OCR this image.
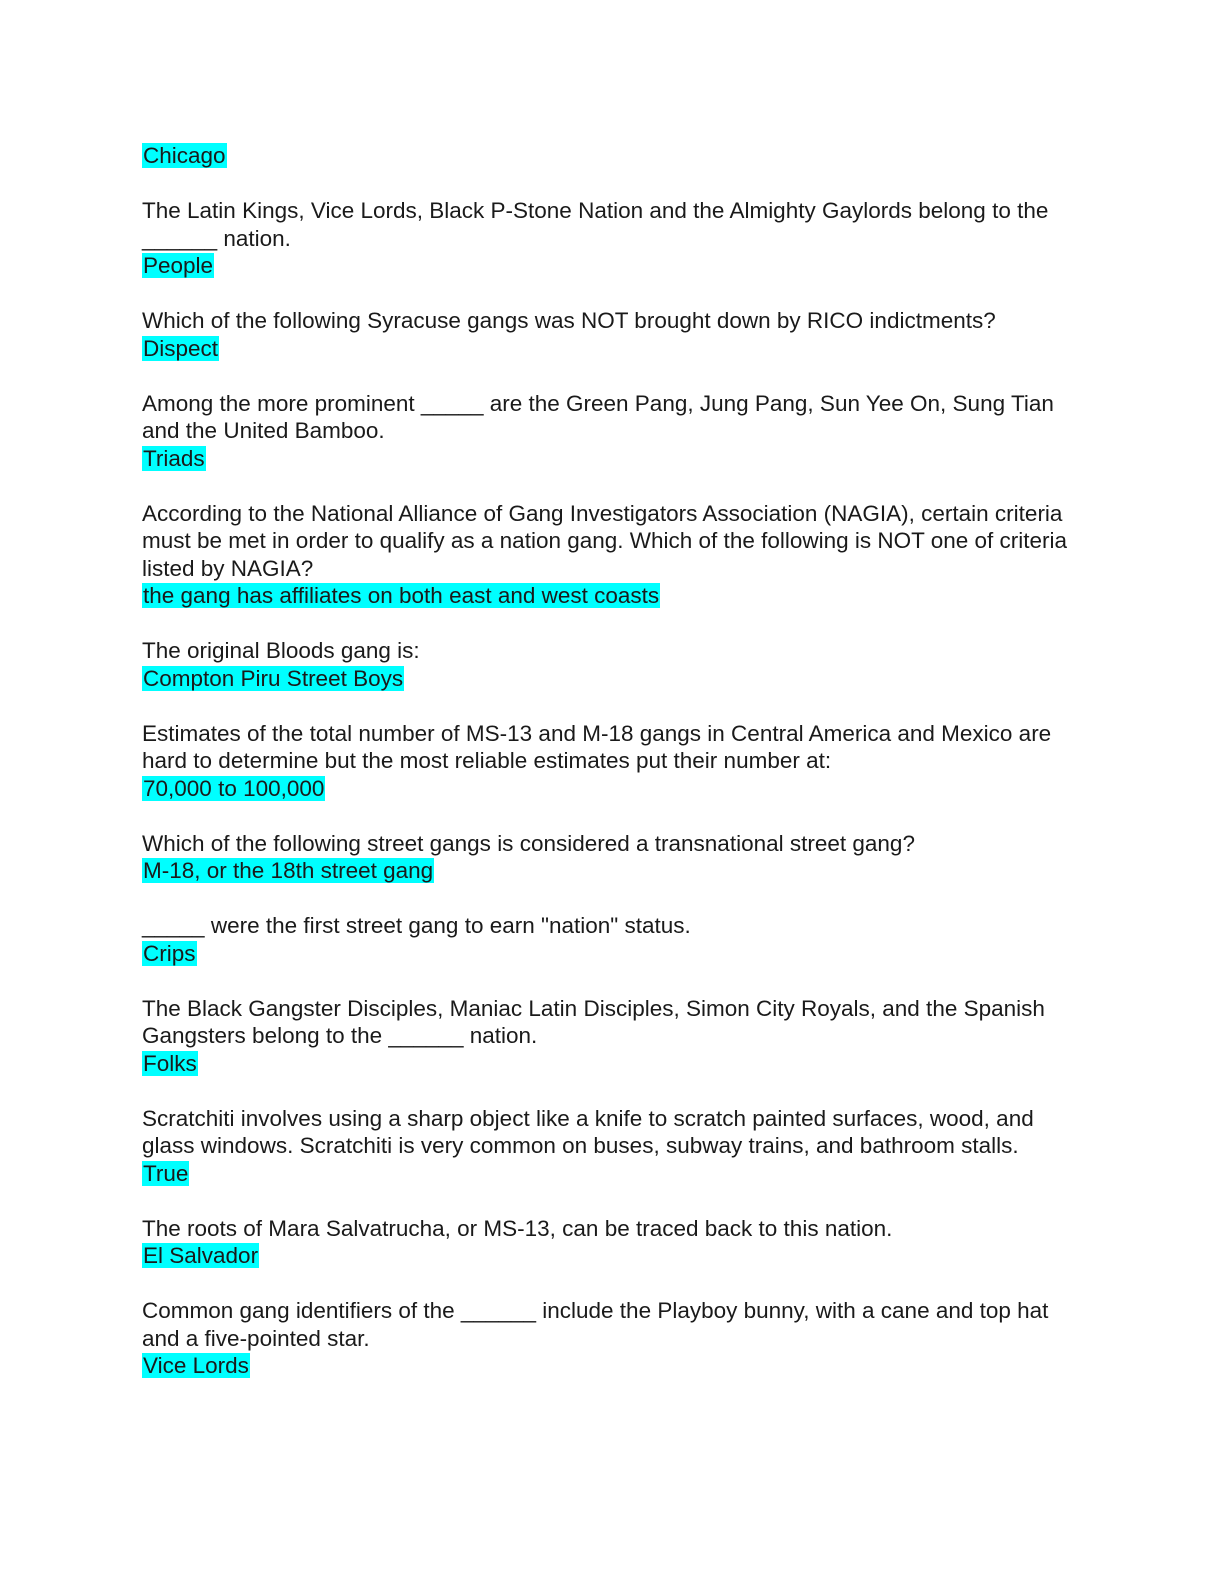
Chicago

The Latin Kings, Vice Lords, Black P-Stone Nation and the Almighty Gaylords belong to the ______ nation.

People

Which of the following Syracuse gangs was NOT brought down by RICO indictments?

Dispect

Among the more prominent _____ are the Green Pang, Jung Pang, Sun Yee On, Sung Tian and the United Bamboo.

Triads

According to the National Alliance of Gang Investigators Association (NAGIA), certain criteria must be met in order to qualify as a nation gang. Which of the following is NOT one of criteria listed by NAGIA?

the gang has affiliates on both east and west coasts

The original Bloods gang is:

Compton Piru Street Boys

Estimates of the total number of MS-13 and M-18 gangs in Central America and Mexico are hard to determine but the most reliable estimates put their number at:

70,000 to 100,000

Which of the following street gangs is considered a transnational street gang?

M-18, or the 18th street gang

_____ were the first street gang to earn "nation" status.

Crips

The Black Gangster Disciples, Maniac Latin Disciples, Simon City Royals, and the Spanish Gangsters belong to the ______ nation.

Folks

Scratchiti involves using a sharp object like a knife to scratch painted surfaces, wood, and glass windows. Scratchiti is very common on buses, subway trains, and bathroom stalls.

True

The roots of Mara Salvatrucha, or MS-13, can be traced back to this nation.

El Salvador

Common gang identifiers of the ______ include the Playboy bunny, with a cane and top hat and a five-pointed star.

Vice Lords
